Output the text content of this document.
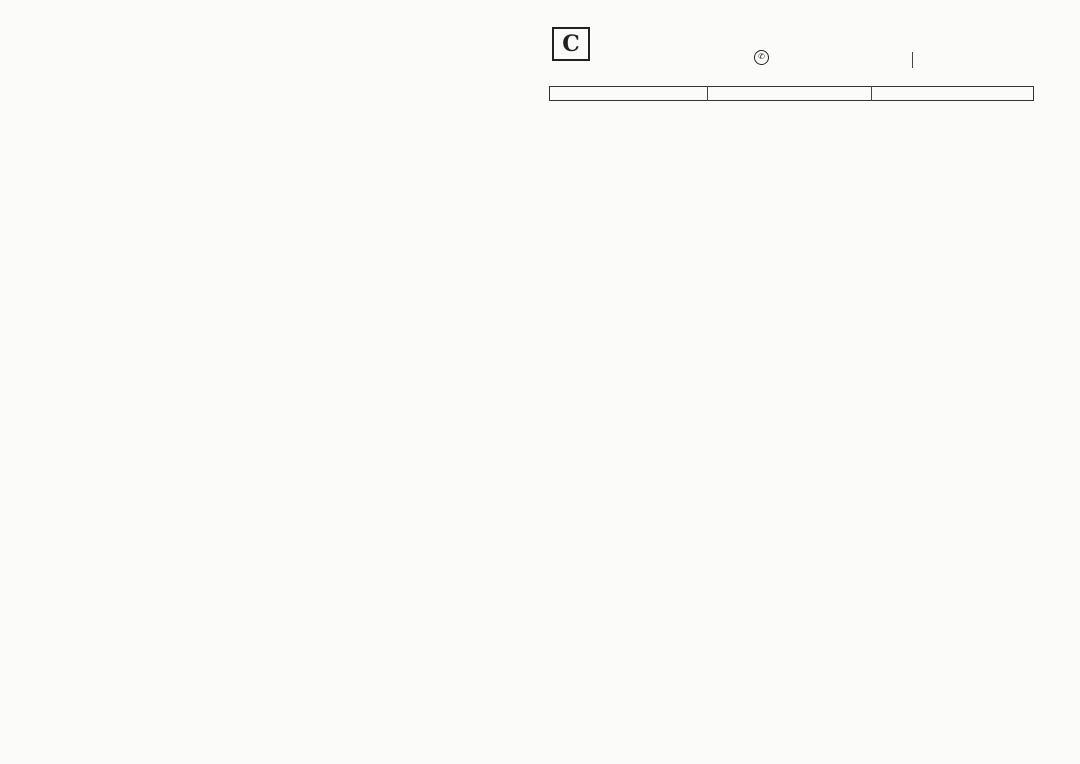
C	✆
